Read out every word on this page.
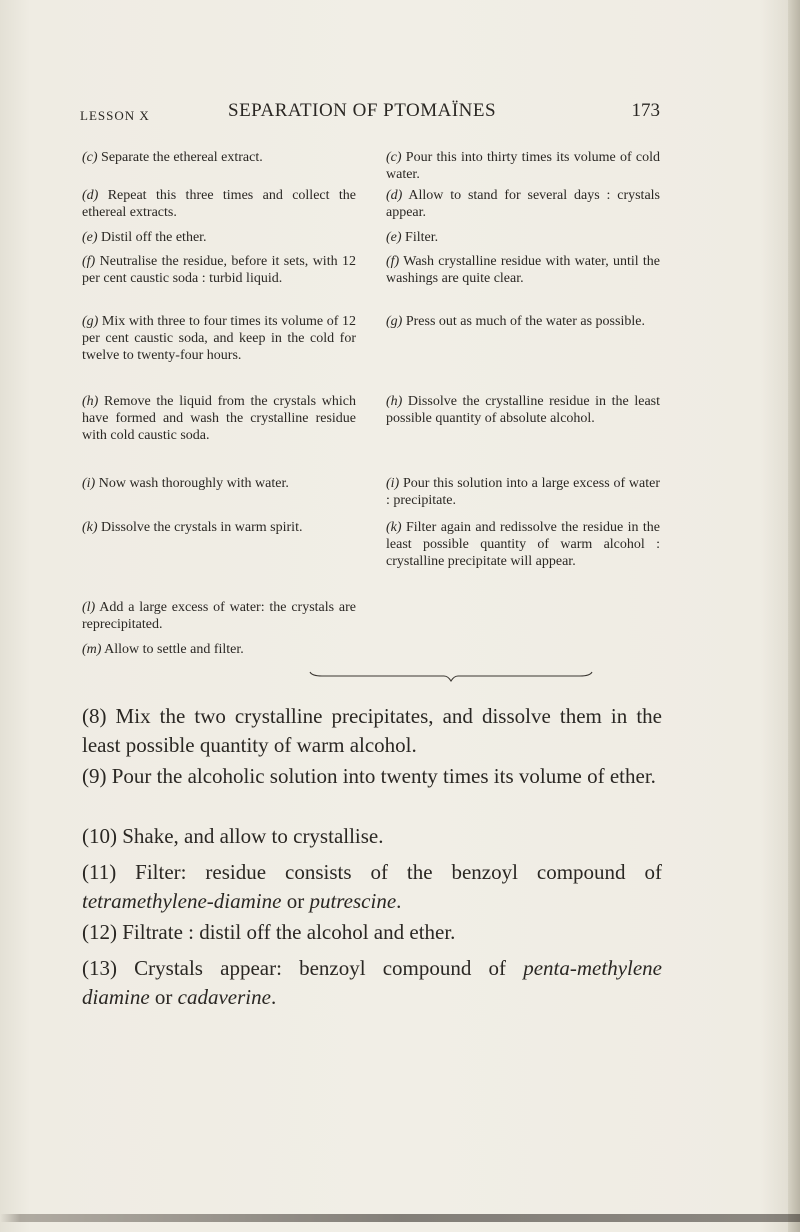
LESSON X	SEPARATION OF PTOMAÏNES	173

(c) Separate the ethereal extract.

(d) Repeat this three times and collect the ethereal extracts.

(e) Distil off the ether.

(f) Neutralise the residue, before it sets, with 12 per cent caustic soda : turbid liquid.

(g) Mix with three to four times its volume of 12 per cent caustic soda, and keep in the cold for twelve to twenty-four hours.

(h) Remove the liquid from the crystals which have formed and wash the crystalline residue with cold caustic soda.

(i) Now wash thoroughly with water.

(k) Dissolve the crystals in warm spirit.

(l) Add a large excess of water: the crystals are reprecipitated.

(m) Allow to settle and filter.

(c) Pour this into thirty times its volume of cold water.

(d) Allow to stand for several days : crystals appear.

(e) Filter.

(f) Wash crystalline residue with water, until the washings are quite clear.

(g) Press out as much of the water as possible.

(h) Dissolve the crystalline residue in the least possible quantity of absolute alcohol.

(i) Pour this solution into a large excess of water : precipitate.

(k) Filter again and redissolve the residue in the least possible quantity of warm alcohol : crystalline precipitate will appear.

(8) Mix the two crystalline precipitates, and dissolve them in the least possible quantity of warm alcohol.

(9) Pour the alcoholic solution into twenty times its volume of ether.

(10) Shake, and allow to crystallise.

(11) Filter: residue consists of the benzoyl compound of tetramethylene-diamine or putrescine.

(12) Filtrate : distil off the alcohol and ether.

(13) Crystals appear: benzoyl compound of penta-methylene diamine or cadaverine.
